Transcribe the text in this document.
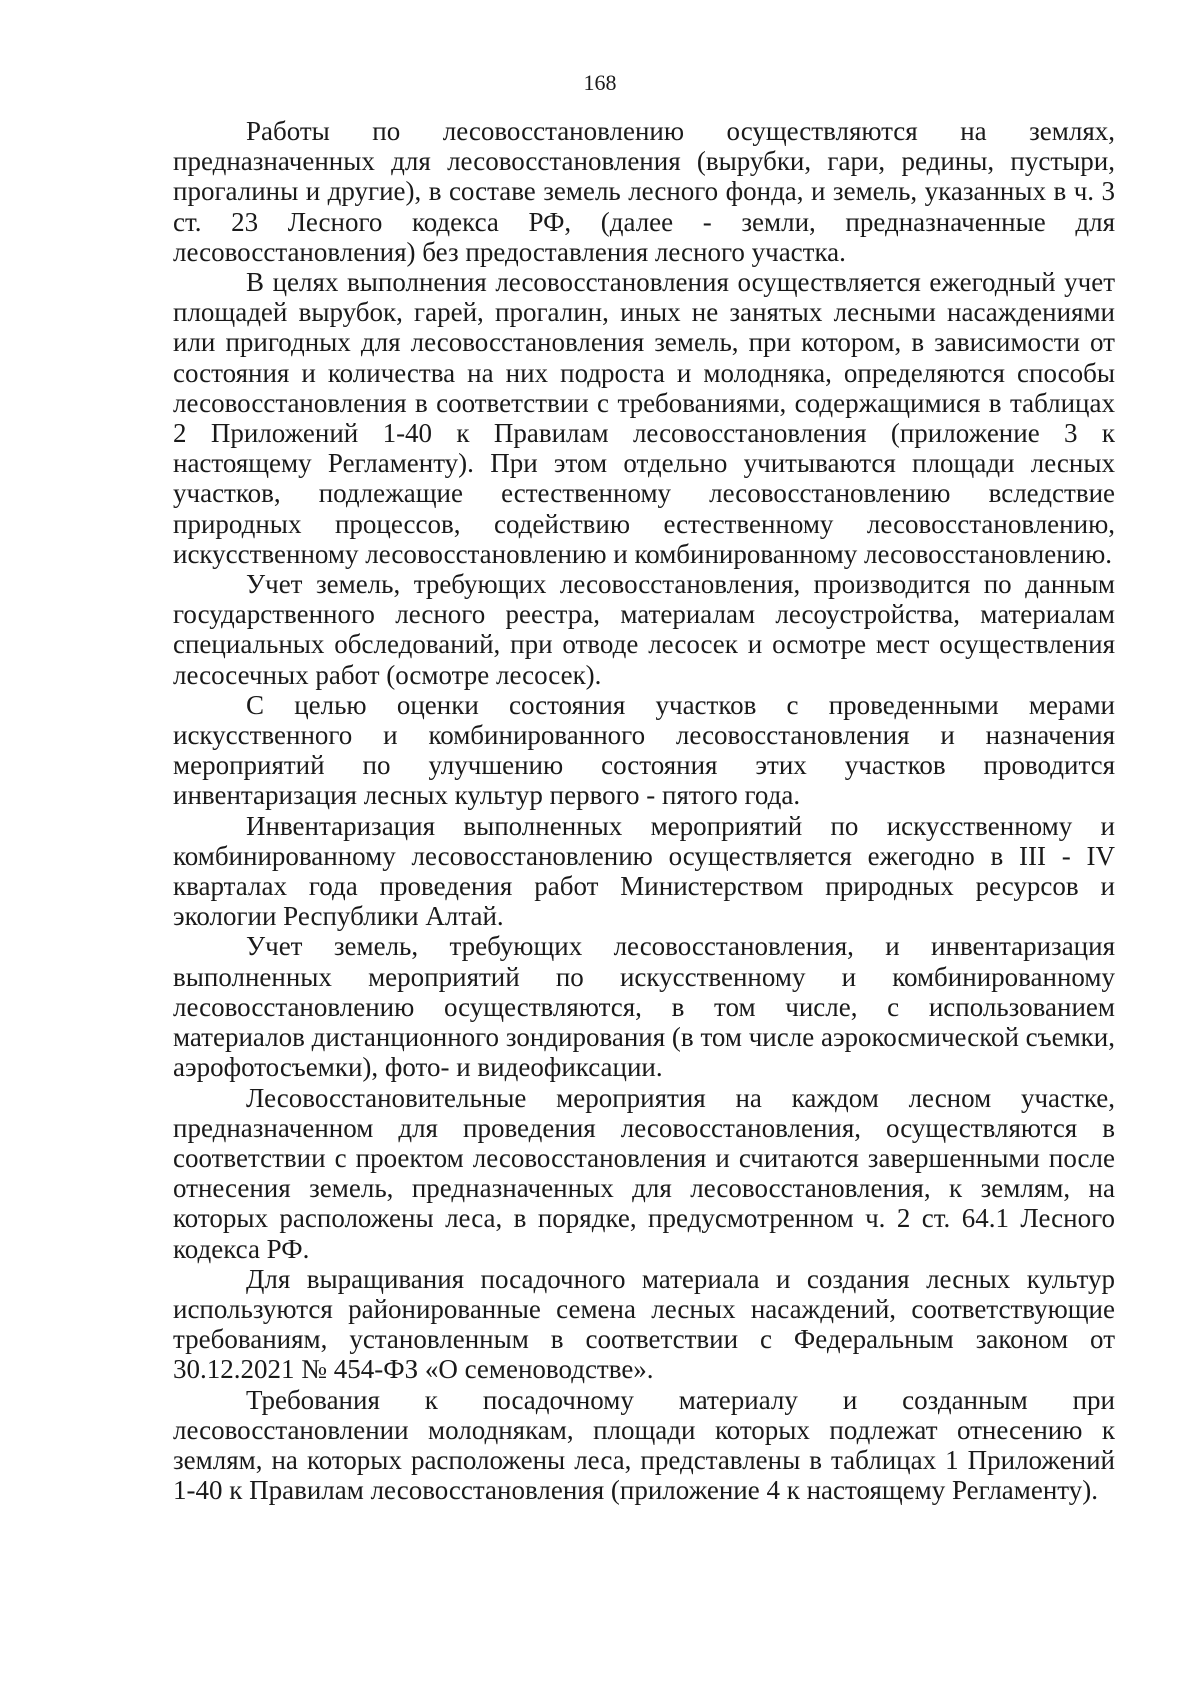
168

Работы по лесовосстановлению осуществляются на землях, предназначенных для лесовосстановления (вырубки, гари, редины, пустыри, прогалины и другие), в составе земель лесного фонда, и земель, указанных в ч. 3 ст. 23 Лесного кодекса РФ, (далее - земли, предназначенные для лесовосстановления) без предоставления лесного участка.

В целях выполнения лесовосстановления осуществляется ежегодный учет площадей вырубок, гарей, прогалин, иных не занятых лесными насаждениями или пригодных для лесовосстановления земель, при котором, в зависимости от состояния и количества на них подроста и молодняка, определяются способы лесовосстановления в соответствии с требованиями, содержащимися в таблицах 2 Приложений 1-40 к Правилам лесовосстановления (приложение 3 к настоящему Регламенту). При этом отдельно учитываются площади лесных участков, подлежащие естественному лесовосстановлению вследствие природных процессов, содействию естественному лесовосстановлению, искусственному лесовосстановлению и комбинированному лесовосстановлению.

Учет земель, требующих лесовосстановления, производится по данным государственного лесного реестра, материалам лесоустройства, материалам специальных обследований, при отводе лесосек и осмотре мест осуществления лесосечных работ (осмотре лесосек).

С целью оценки состояния участков с проведенными мерами искусственного и комбинированного лесовосстановления и назначения мероприятий по улучшению состояния этих участков проводится инвентаризация лесных культур первого - пятого года.

Инвентаризация выполненных мероприятий по искусственному и комбинированному лесовосстановлению осуществляется ежегодно в III - IV кварталах года проведения работ Министерством природных ресурсов и экологии Республики Алтай.

Учет земель, требующих лесовосстановления, и инвентаризация выполненных мероприятий по искусственному и комбинированному лесовосстановлению осуществляются, в том числе, с использованием материалов дистанционного зондирования (в том числе аэрокосмической съемки, аэрофотосъемки), фото- и видеофиксации.

Лесовосстановительные мероприятия на каждом лесном участке, предназначенном для проведения лесовосстановления, осуществляются в соответствии с проектом лесовосстановления и считаются завершенными после отнесения земель, предназначенных для лесовосстановления, к землям, на которых расположены леса, в порядке, предусмотренном ч. 2 ст. 64.1 Лесного кодекса РФ.

Для выращивания посадочного материала и создания лесных культур используются районированные семена лесных насаждений, соответствующие требованиям, установленным в соответствии с Федеральным законом от 30.12.2021 № 454-ФЗ «О семеноводстве».

Требования к посадочному материалу и созданным при лесовосстановлении молоднякам, площади которых подлежат отнесению к землям, на которых расположены леса, представлены в таблицах 1 Приложений 1-40 к Правилам лесовосстановления (приложение 4 к настоящему Регламенту).
